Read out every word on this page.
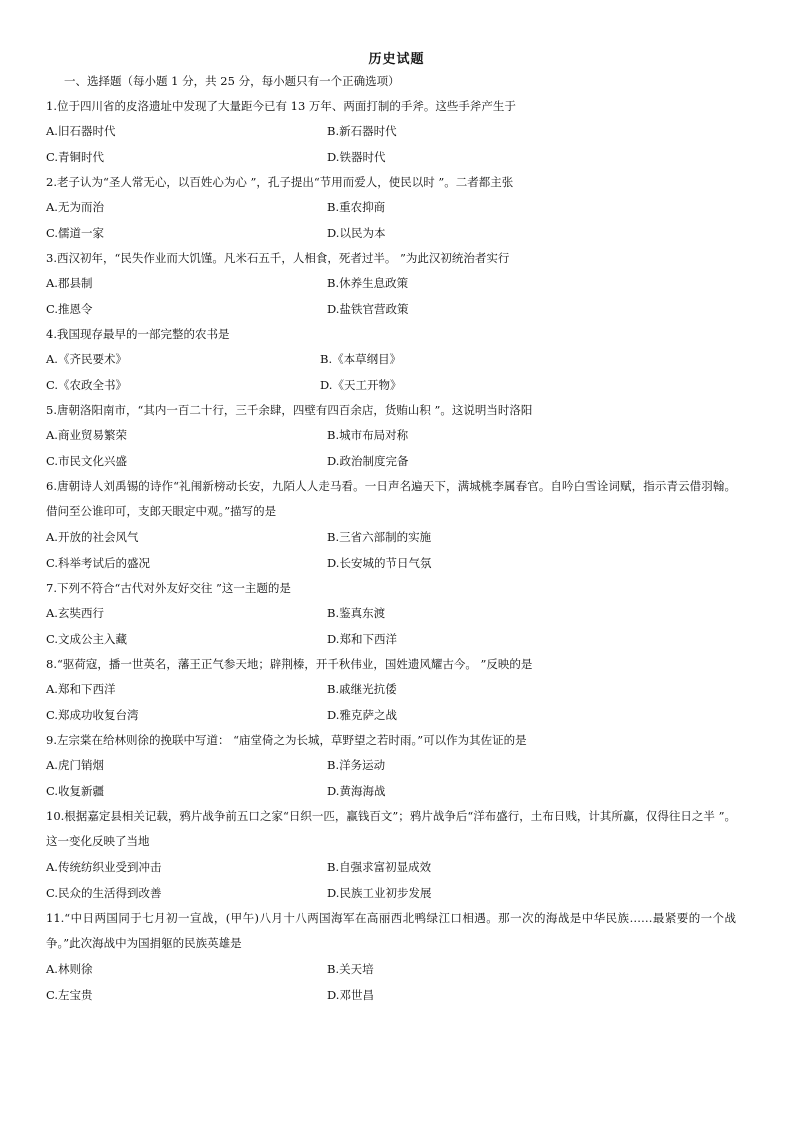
历史试题
一、选择题（每小题 1 分，共 25 分，每小题只有一个正确选项）
1.位于四川省的皮洛遗址中发现了大量距今已有 13 万年、两面打制的手斧。这些手斧产生于
A.旧石器时代	B.新石器时代
C.青铜时代	D.铁器时代
2.老子认为“圣人常无心，以百姓心为心 ”，孔子提出“节用而爱人，使民以时 ”。二者都主张
A.无为而治	B.重农抑商
C.儒道一家	D.以民为本
3.西汉初年，“民失作业而大饥馑。凡米石五千，人相食，死者过半。 ”为此汉初统治者实行
A.郡县制	B.休养生息政策
C.推恩令	D.盐铁官营政策
4.我国现存最早的一部完整的农书是
A.《齐民要术》	B.《本草纲目》
C.《农政全书》	D.《天工开物》
5.唐朝洛阳南市，“其内一百二十行，三千余肆，四壁有四百余店，货贿山积 ”。这说明当时洛阳
A.商业贸易繁荣	B.城市布局对称
C.市民文化兴盛	D.政治制度完备
6.唐朝诗人刘禹锡的诗作“礼闱新榜动长安，九陌人人走马看。一日声名遍天下，满城桃李属春官。自吟白雪诠词赋，指示青云借羽翰。借问至公谁印可，支郎天眼定中观。”描写的是
A.开放的社会风气	B.三省六部制的实施
C.科举考试后的盛况	D.长安城的节日气氛
7.下列不符合“古代对外友好交往 ”这一主题的是
A.玄奘西行	B.鉴真东渡
C.文成公主入藏	D.郑和下西洋
8.“驱荷寇，播一世英名，藩王正气参天地；辟荆榛，开千秋伟业，国姓遗风耀古今。 ”反映的是
A.郑和下西洋	B.戚继光抗倭
C.郑成功收复台湾	D.雅克萨之战
9.左宗棠在给林则徐的挽联中写道： “庙堂倚之为长城，草野望之若时雨。”可以作为其佐证的是
A.虎门销烟	B.洋务运动
C.收复新疆	D.黄海海战
10.根据嘉定县相关记载，鸦片战争前五口之家“日织一匹，赢钱百文”；鸦片战争后“洋布盛行，土布日贱，计其所赢，仅得往日之半 ”。这一变化反映了当地
A.传统纺织业受到冲击	B.自强求富初显成效
C.民众的生活得到改善	D.民族工业初步发展
11.“中日两国同于七月初一宣战，(甲午)八月十八两国海军在高丽西北鸭绿江口相遇。那一次的海战是中华民族……最紧要的一个战争。”此次海战中为国捐躯的民族英雄是
A.林则徐	B.关天培
C.左宝贵	D.邓世昌
